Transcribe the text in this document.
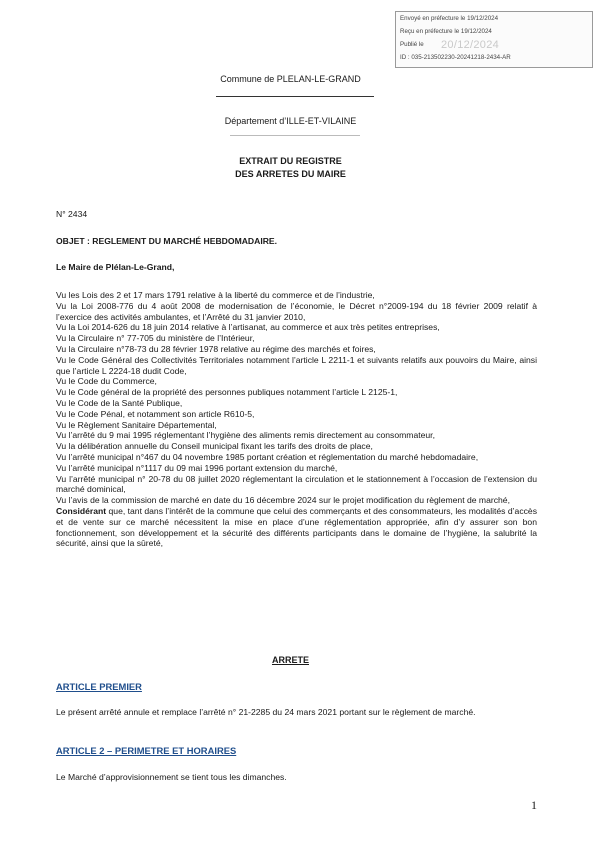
Envoyé en préfecture le 19/12/2024
Reçu en préfecture le 19/12/2024
Publié le 20/12/2024
ID : 035-213502230-20241218-2434-AR
Commune de PLELAN-LE-GRAND
Département d’ILLE-ET-VILAINE
EXTRAIT DU REGISTRE
DES ARRETES DU MAIRE
N° 2434
OBJET : REGLEMENT DU MARCHÉ HEBDOMADAIRE.
Le Maire de Plélan-Le-Grand,
Vu les Lois des 2 et 17 mars 1791 relative à la liberté du commerce et de l’industrie,
Vu la Loi 2008-776 du 4 août 2008 de modernisation de l’économie, le Décret n°2009-194 du 18 février 2009 relatif à l’exercice des activités ambulantes, et l’Arrêté du 31 janvier 2010,
Vu la Loi 2014-626 du 18 juin 2014 relative à l’artisanat, au commerce et aux très petites entreprises,
Vu la Circulaire n° 77-705 du ministère de l’Intérieur,
Vu la Circulaire n°78-73 du 28 février 1978 relative au régime des marchés et foires,
Vu le Code Général des Collectivités Territoriales notamment l’article L 2211-1 et suivants relatifs aux pouvoirs du Maire, ainsi que l’article L 2224-18 dudit Code,
Vu le Code du Commerce,
Vu le Code général de la propriété des personnes publiques notamment l’article L 2125-1,
Vu le Code de la Santé Publique,
Vu le Code Pénal, et notamment son article R610-5,
Vu le Règlement Sanitaire Départemental,
Vu l’arrêté du 9 mai 1995 réglementant l’hygiène des aliments remis directement au consommateur,
Vu la délibération annuelle du Conseil municipal fixant les tarifs des droits de place,
Vu l’arrêté municipal n°467 du 04 novembre 1985 portant création et réglementation du marché hebdomadaire,
Vu l’arrêté municipal n°1117 du 09 mai 1996 portant extension du marché,
Vu l’arrêté municipal n° 20-78 du 08 juillet 2020 réglementant la circulation et le stationnement à l’occasion de l’extension du marché dominical,
Vu l’avis de la commission de marché en date du 16 décembre 2024 sur le projet modification du règlement de marché,
Considérant que, tant dans l’intérêt de la commune que celui des commerçants et des consommateurs, les modalités d’accès et de vente sur ce marché nécessitent la mise en place d’une réglementation appropriée, afin d’y assurer son bon fonctionnement, son développement et la sécurité des différents participants dans le domaine de l’hygiène, la salubrité la sécurité, ainsi que la sûreté,
ARRETE
ARTICLE PREMIER
Le présent arrêté annule et remplace l’arrêté n° 21-2285 du 24 mars 2021 portant sur le règlement de marché.
ARTICLE 2 – PERIMETRE ET HORAIRES
Le Marché d’approvisionnement se tient tous les dimanches.
1
